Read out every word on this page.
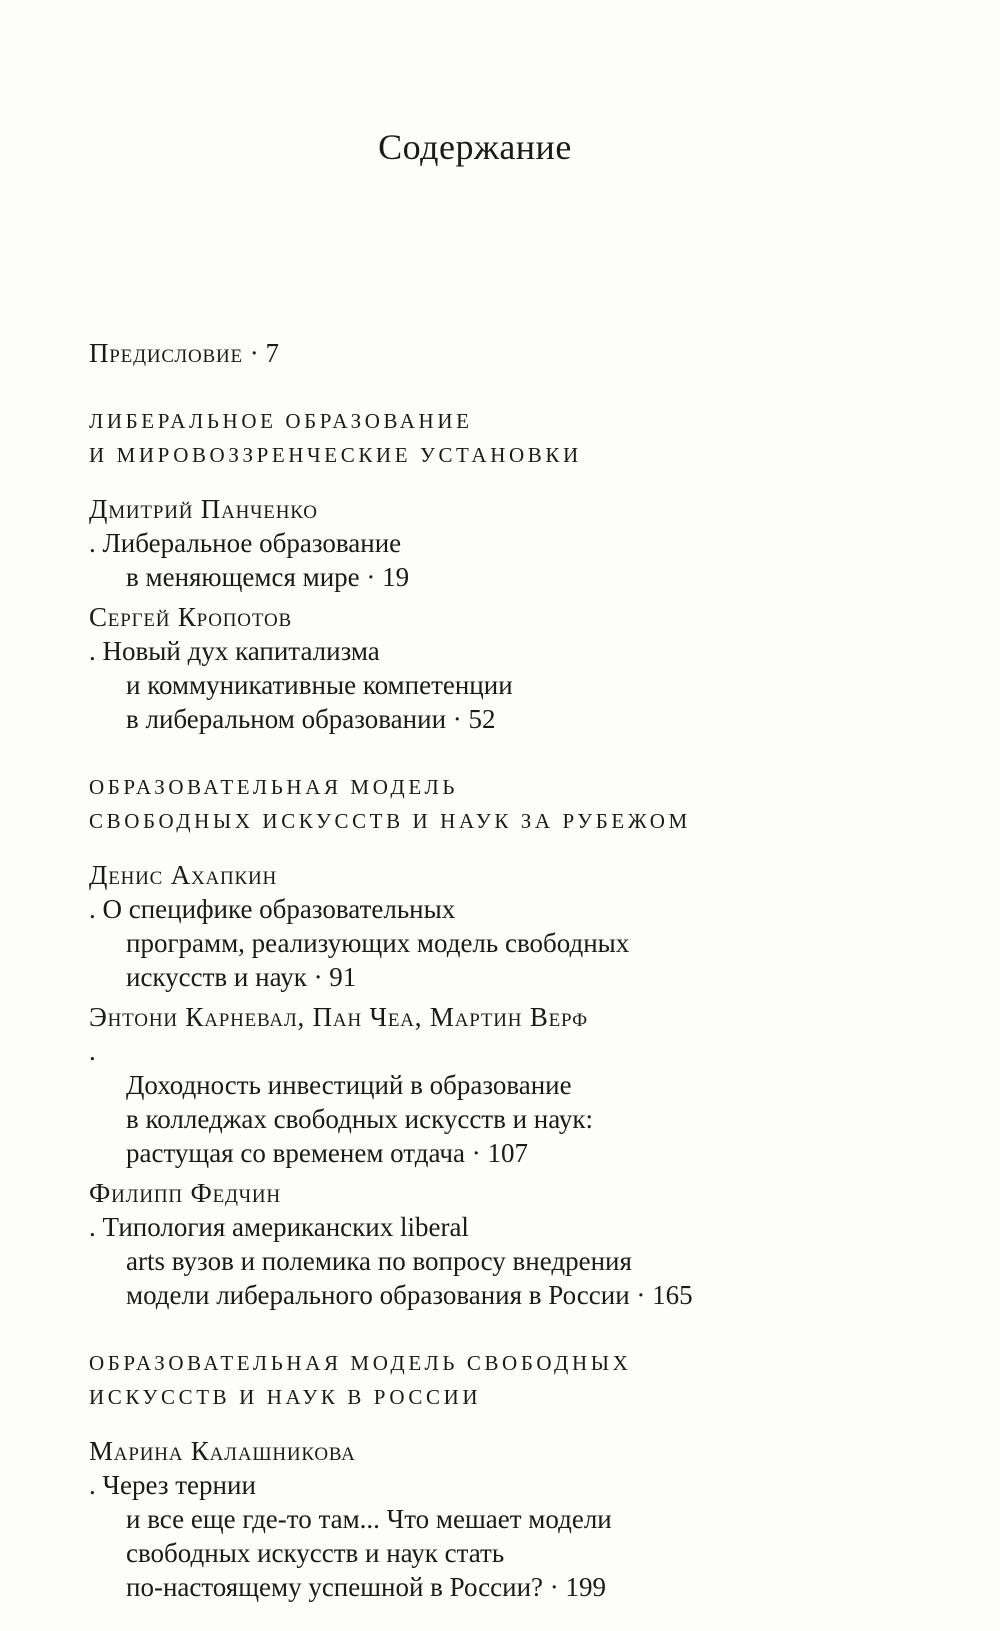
Содержание
Предисловие · 7
ЛИБЕРАЛЬНОЕ ОБРАЗОВАНИЕ
И МИРОВОЗЗРЕНЧЕСКИЕ УСТАНОВКИ
Дмитрий Панченко
. Либеральное образование
в меняющемся мире · 19
Сергей Кропотов
. Новый дух капитализма
и коммуникативные компетенции
в либеральном образовании · 52
ОБРАЗОВАТЕЛЬНАЯ МОДЕЛЬ
СВОБОДНЫХ ИСКУССТВ И НАУК ЗА РУБЕЖОМ
Денис Ахапкин
. О специфике образовательных
программ, реализующих модель свободных
искусств и наук · 91
Энтони Карневал, Пан Чеа, Мартин Верф
.
Доходность инвестиций в образование
в колледжах свободных искусств и наук:
растущая со временем отдача · 107
Филипп Федчин
. Типология американских liberal
arts вузов и полемика по вопросу внедрения
модели либерального образования в России · 165
ОБРАЗОВАТЕЛЬНАЯ МОДЕЛЬ СВОБОДНЫХ
ИСКУССТВ И НАУК В РОССИИ
Марина Калашникова
. Через тернии
и все еще где-то там... Что мешает модели
свободных искусств и наук стать
по-настоящему успешной в России? · 199
